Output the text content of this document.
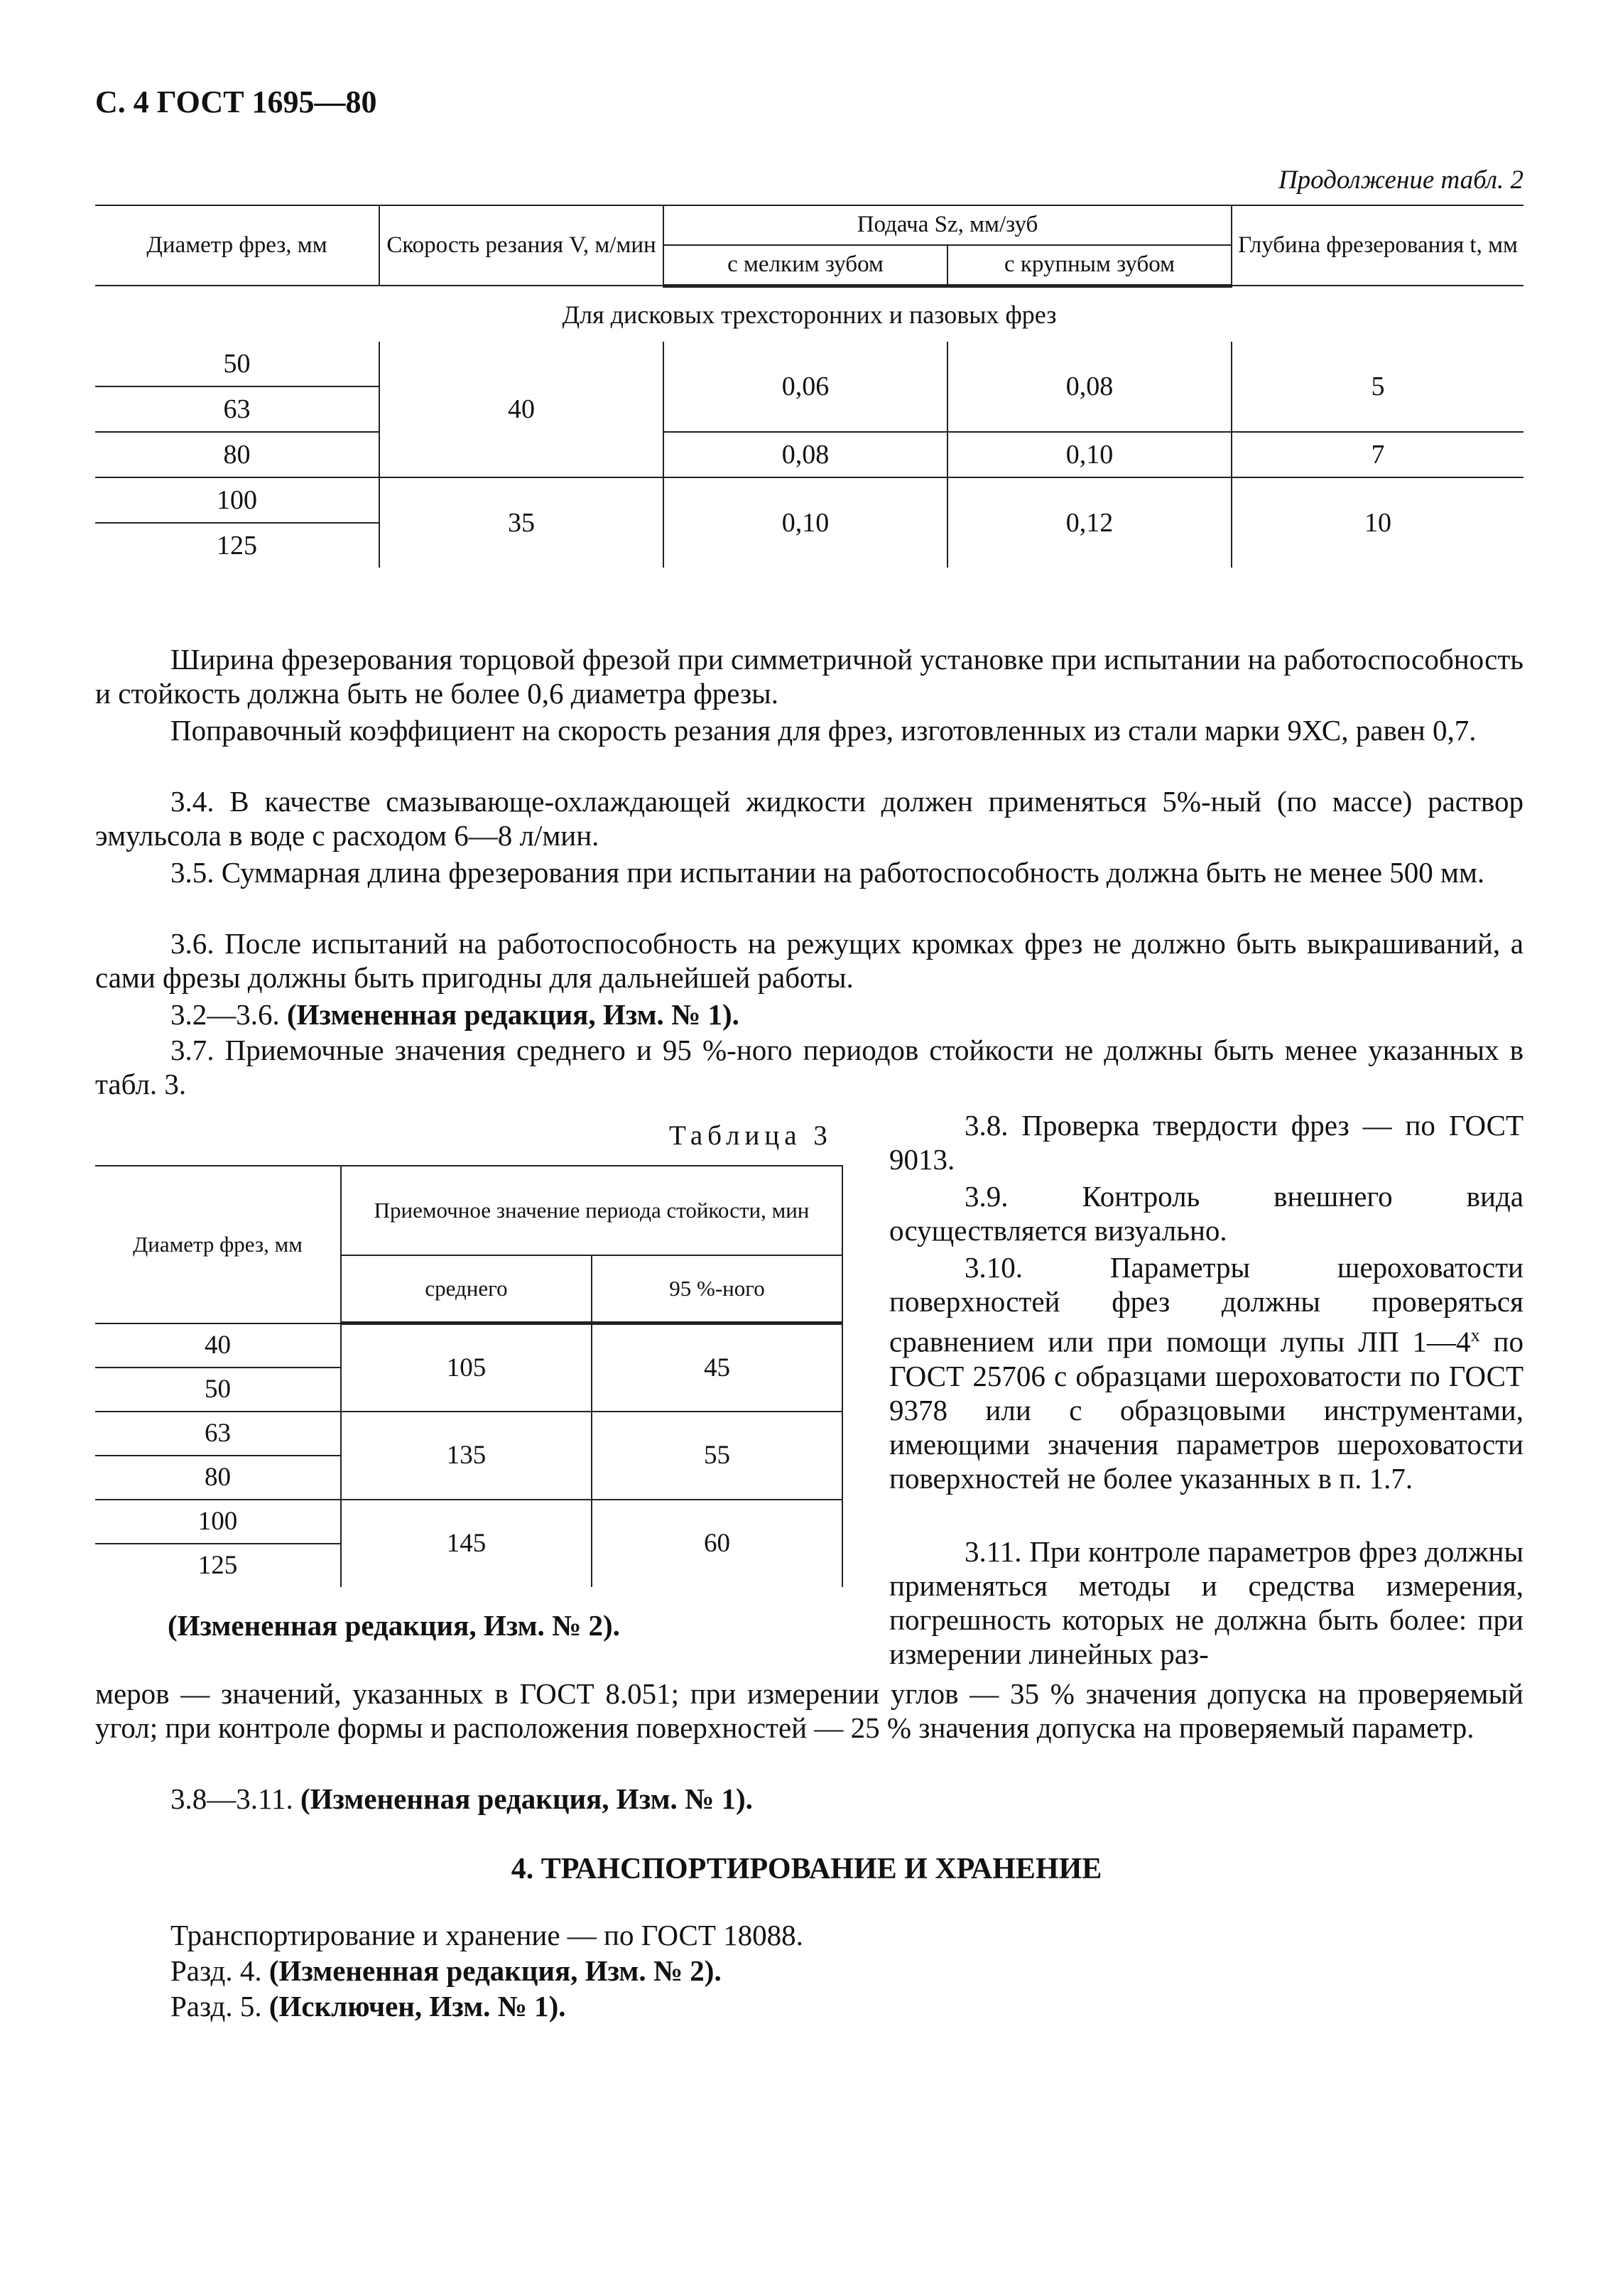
С. 4 ГОСТ 1695—80
Продолжение табл. 2
Диаметр фрез, мм	Скорость резания V, м/мин	Подача Sz, мм/зуб		Глубина фрезерования t, мм
		с мелким зубом	с крупным зубом	
Для дисковых трехсторонних и пазовых фрез				
50	40	0,06	0,08	5
63				
80		0,08	0,10	7
100	35	0,10	0,12	10
125				
Ширина фрезерования торцовой фрезой при симметричной установке при испытании на работоспособность и стойкость должна быть не более 0,6 диаметра фрезы.
Поправочный коэффициент на скорость резания для фрез, изготовленных из стали марки 9ХС, равен 0,7.
3.4. В качестве смазывающе-охлаждающей жидкости должен применяться 5%-ный (по массе) раствор эмульсола в воде с расходом 6—8 л/мин.
3.5. Суммарная длина фрезерования при испытании на работоспособность должна быть не менее 500 мм.
3.6. После испытаний на работоспособность на режущих кромках фрез не должно быть выкрашиваний, а сами фрезы должны быть пригодны для дальнейшей работы.
3.2—3.6. (Измененная редакция, Изм. № 1).
3.7. Приемочные значения среднего и 95 %-ного периодов стойкости не должны быть менее указанных в табл. 3.
Таблица 3
Диаметр фрез, мм	Приемочное значение периода стойкости, мин	
	среднего	95 %-ного
40	105	45
50		
63	135	55
80		
100	145	60
125		
(Измененная редакция, Изм. № 2).
3.8. Проверка твердости фрез — по ГОСТ 9013.
3.9. Контроль внешнего вида осуществляется визуально.
3.10. Параметры шероховатости поверхностей фрез должны проверяться сравнением или при помощи лупы ЛП $1—4^х$ по ГОСТ 25706 с образцами шероховатости по ГОСТ 9378 или с образцовыми инструментами, имеющими значения параметров шероховатости поверхностей не более указанных в п. 1.7.
3.11. При контроле параметров фрез должны применяться методы и средства измерения, погрешность которых не должна быть более: при измерении линейных раз-
меров — значений, указанных в ГОСТ 8.051; при измерении углов — 35 % значения допуска на проверяемый угол; при контроле формы и расположения поверхностей — 25 % значения допуска на проверяемый параметр.
3.8—3.11. (Измененная редакция, Изм. № 1).
4. ТРАНСПОРТИРОВАНИЕ И ХРАНЕНИЕ
Транспортирование и хранение — по ГОСТ 18088.
Разд. 4. (Измененная редакция, Изм. № 2).
Разд. 5. (Исключен, Изм. № 1).
